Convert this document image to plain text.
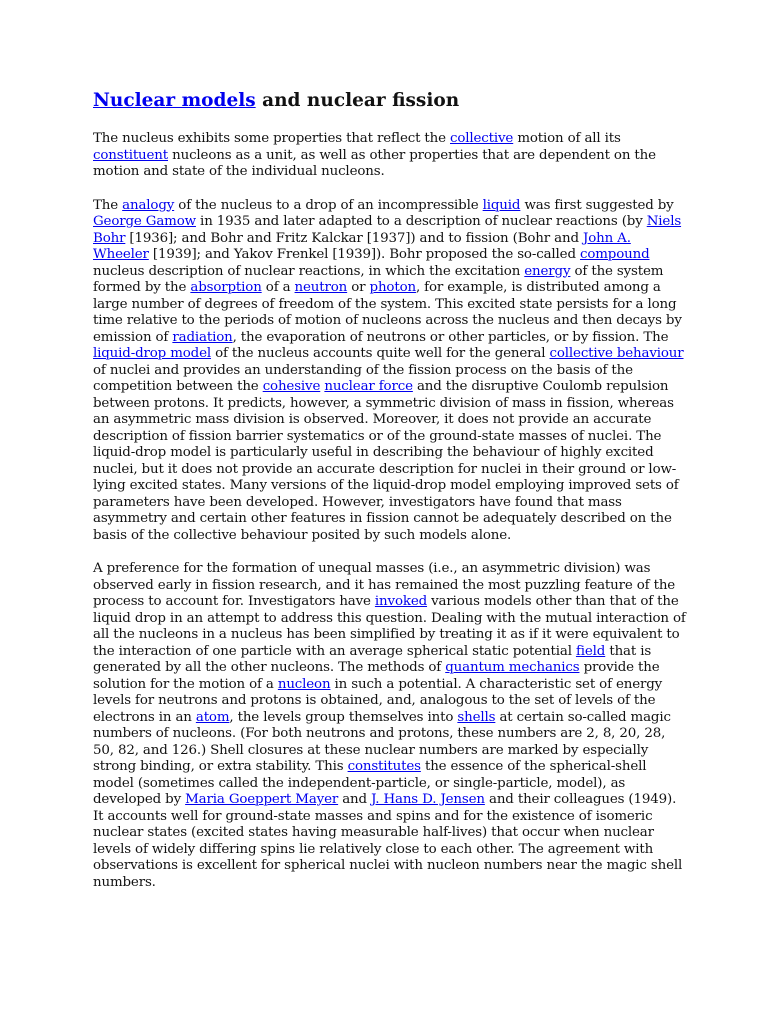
Nuclear models and nuclear fission

The nucleus exhibits some properties that reflect the collective motion of all its constituent nucleons as a unit, as well as other properties that are dependent on the motion and state of the individual nucleons.

The analogy of the nucleus to a drop of an incompressible liquid was first suggested by George Gamow in 1935 and later adapted to a description of nuclear reactions (by Niels Bohr [1936]; and Bohr and Fritz Kalckar [1937]) and to fission (Bohr and John A. Wheeler [1939]; and Yakov Frenkel [1939]). Bohr proposed the so-called compound nucleus description of nuclear reactions, in which the excitation energy of the system formed by the absorption of a neutron or photon, for example, is distributed among a large number of degrees of freedom of the system. This excited state persists for a long time relative to the periods of motion of nucleons across the nucleus and then decays by emission of radiation, the evaporation of neutrons or other particles, or by fission. The liquid-drop model of the nucleus accounts quite well for the general collective behaviour of nuclei and provides an understanding of the fission process on the basis of the competition between the cohesive nuclear force and the disruptive Coulomb repulsion between protons. It predicts, however, a symmetric division of mass in fission, whereas an asymmetric mass division is observed. Moreover, it does not provide an accurate description of fission barrier systematics or of the ground-state masses of nuclei. The liquid-drop model is particularly useful in describing the behaviour of highly excited nuclei, but it does not provide an accurate description for nuclei in their ground or low-lying excited states. Many versions of the liquid-drop model employing improved sets of parameters have been developed. However, investigators have found that mass asymmetry and certain other features in fission cannot be adequately described on the basis of the collective behaviour posited by such models alone.

A preference for the formation of unequal masses (i.e., an asymmetric division) was observed early in fission research, and it has remained the most puzzling feature of the process to account for. Investigators have invoked various models other than that of the liquid drop in an attempt to address this question. Dealing with the mutual interaction of all the nucleons in a nucleus has been simplified by treating it as if it were equivalent to the interaction of one particle with an average spherical static potential field that is generated by all the other nucleons. The methods of quantum mechanics provide the solution for the motion of a nucleon in such a potential. A characteristic set of energy levels for neutrons and protons is obtained, and, analogous to the set of levels of the electrons in an atom, the levels group themselves into shells at certain so-called magic numbers of nucleons. (For both neutrons and protons, these numbers are 2, 8, 20, 28, 50, 82, and 126.) Shell closures at these nuclear numbers are marked by especially strong binding, or extra stability. This constitutes the essence of the spherical-shell model (sometimes called the independent-particle, or single-particle, model), as developed by Maria Goeppert Mayer and J. Hans D. Jensen and their colleagues (1949). It accounts well for ground-state masses and spins and for the existence of isomeric nuclear states (excited states having measurable half-lives) that occur when nuclear levels of widely differing spins lie relatively close to each other. The agreement with observations is excellent for spherical nuclei with nucleon numbers near the magic shell numbers.
